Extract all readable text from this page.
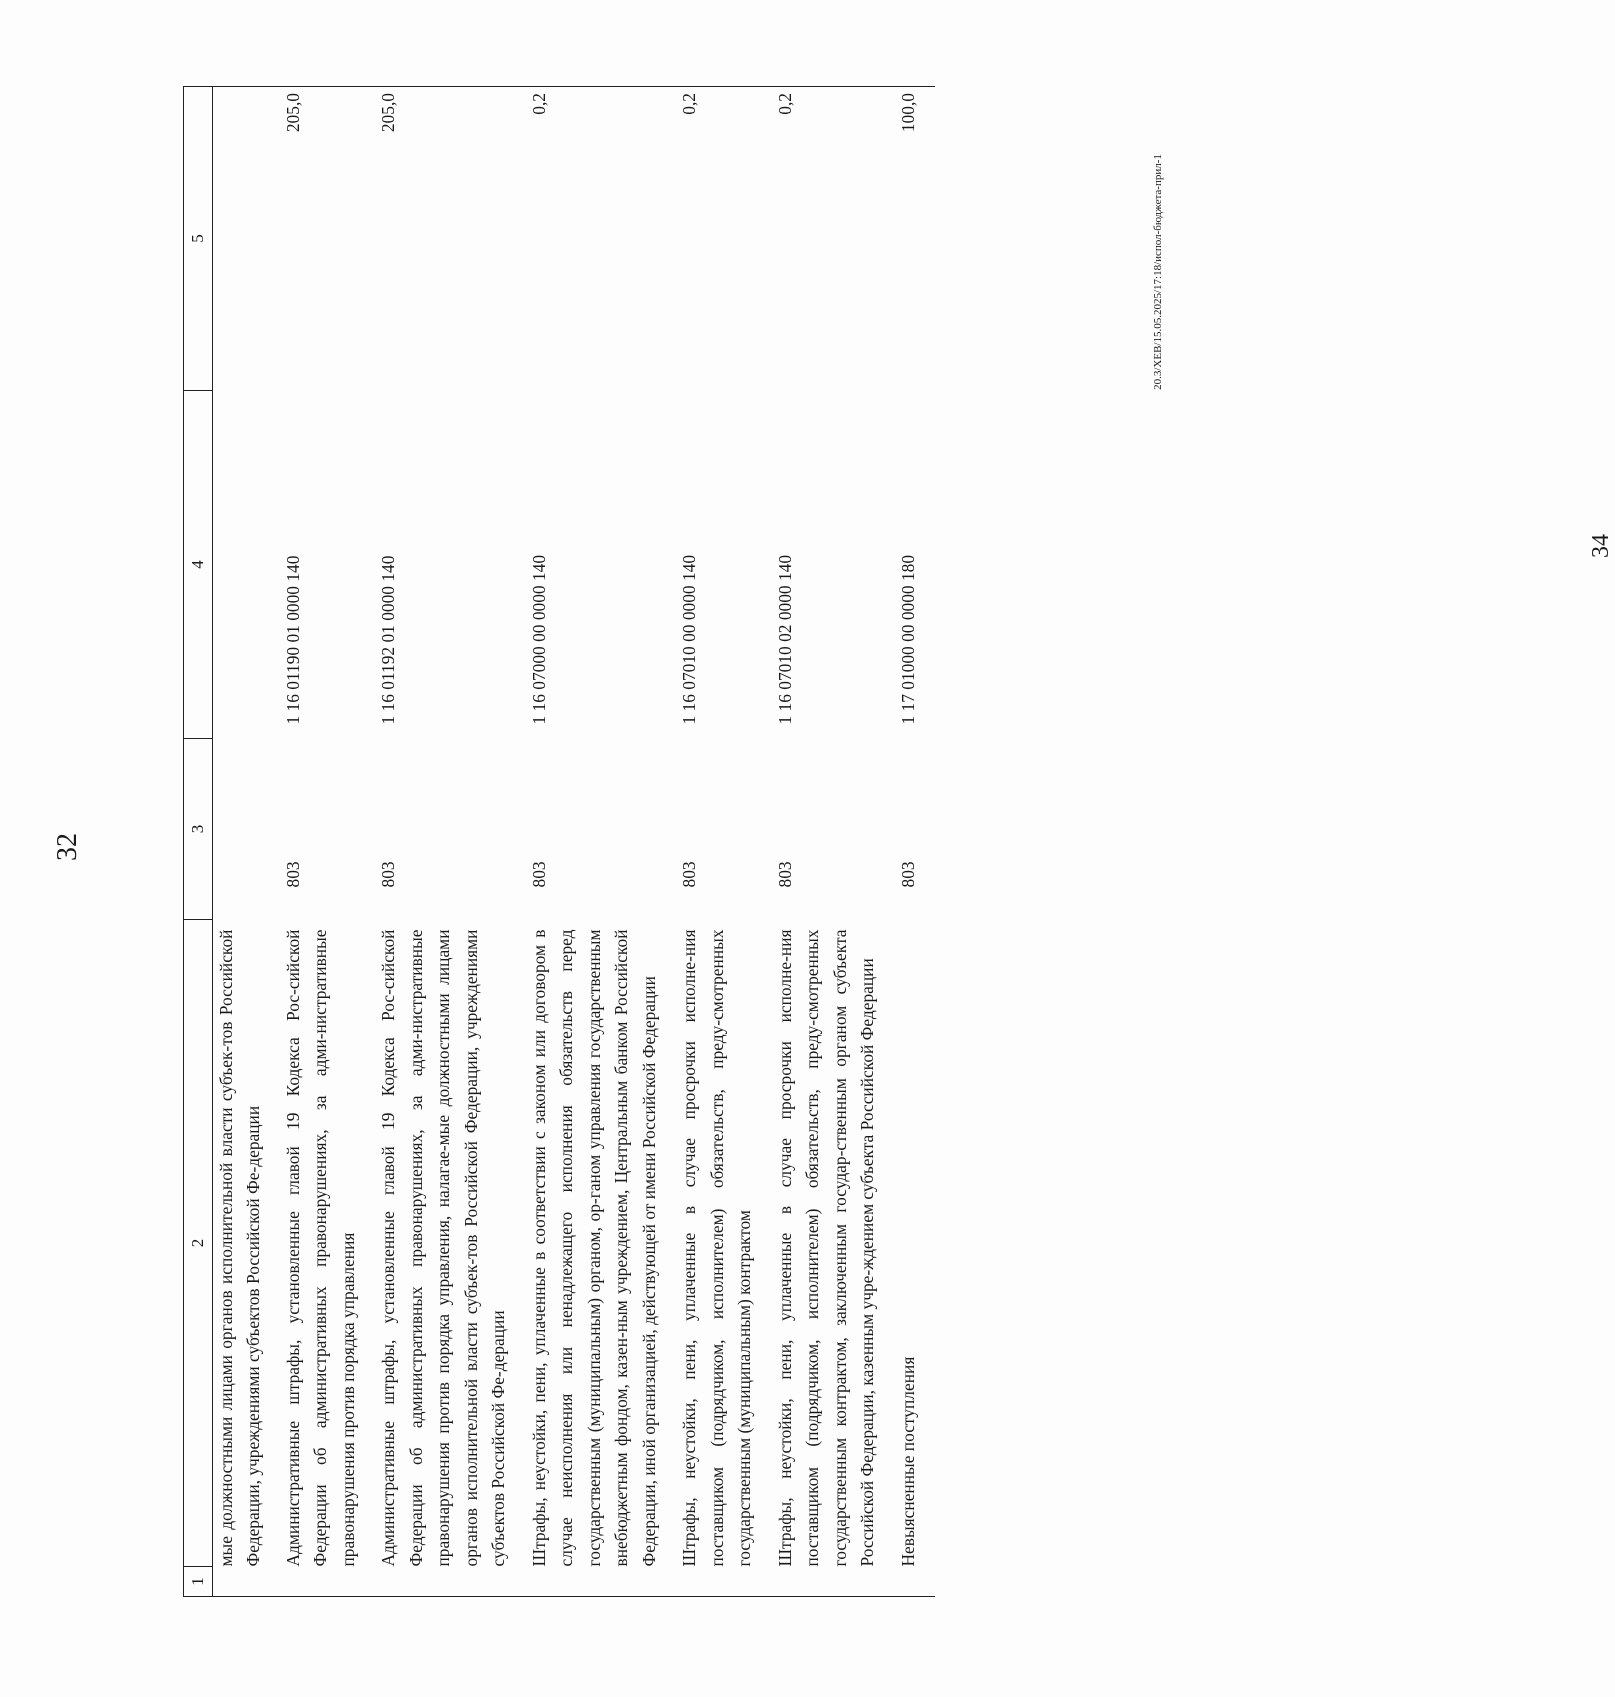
32
1	2	3	4	5
	мые должностными лицами органов исполнительной власти субъек-тов Российской Федерации, учреждениями субъектов Российской Фе-дерации			
	Административные штрафы, установленные главой 19 Кодекса Рос-сийской Федерации об административных правонарушениях, за адми-нистративные правонарушения против порядка управления	803	1 16 01190 01 0000 140	205,0
	Административные штрафы, установленные главой 19 Кодекса Рос-сийской Федерации об административных правонарушениях, за адми-нистративные правонарушения против порядка управления, налагае-мые должностными лицами органов исполнительной власти субъек-тов Российской Федерации, учреждениями субъектов Российской Фе-дерации	803	1 16 01192 01 0000 140	205,0
	Штрафы, неустойки, пени, уплаченные в соответствии с законом или договором в случае неисполнения или ненадлежащего исполнения обязательств перед государственным (муниципальным) органом, ор-ганом управления государственным внебюджетным фондом, казен-ным учреждением, Центральным банком Российской Федерации, иной организацией, действующей от имени Российской Федерации	803	1 16 07000 00 0000 140	0,2
	Штрафы, неустойки, пени, уплаченные в случае просрочки исполне-ния поставщиком (подрядчиком, исполнителем) обязательств, преду-смотренных государственным (муниципальным) контрактом	803	1 16 07010 00 0000 140	0,2
	Штрафы, неустойки, пени, уплаченные в случае просрочки исполне-ния поставщиком (подрядчиком, исполнителем) обязательств, преду-смотренных государственным контрактом, заключенным государ-ственным органом субъекта Российской Федерации, казенным учре-ждением субъекта Российской Федерации	803	1 16 07010 02 0000 140	0,2
	Невыясненные поступления	803	1 17 01000 00 0000 180	100,0
20.3/XEB/15.05.2025/17:18/испол-бюджета-прил-1
34
